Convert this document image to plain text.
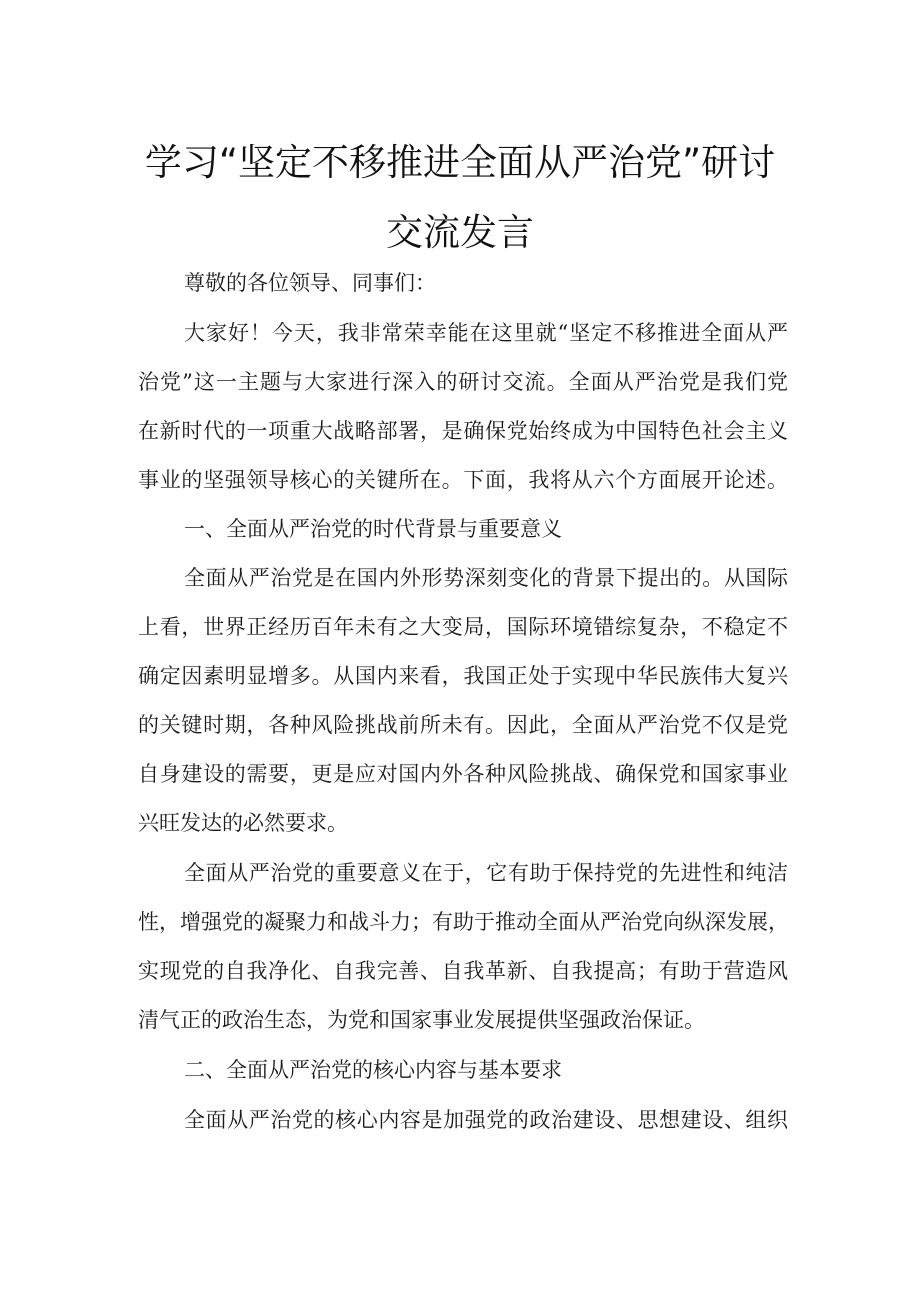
学习“坚定不移推进全面从严治党”研讨
交流发言
尊敬的各位领导、同事们：
大家好！今天，我非常荣幸能在这里就“坚定不移推进全面从严
治党”这一主题与大家进行深入的研讨交流。全面从严治党是我们党
在新时代的一项重大战略部署，是确保党始终成为中国特色社会主义
事业的坚强领导核心的关键所在。下面，我将从六个方面展开论述。
一、全面从严治党的时代背景与重要意义
全面从严治党是在国内外形势深刻变化的背景下提出的。从国际
上看，世界正经历百年未有之大变局，国际环境错综复杂，不稳定不
确定因素明显增多。从国内来看，我国正处于实现中华民族伟大复兴
的关键时期，各种风险挑战前所未有。因此，全面从严治党不仅是党
自身建设的需要，更是应对国内外各种风险挑战、确保党和国家事业
兴旺发达的必然要求。
全面从严治党的重要意义在于，它有助于保持党的先进性和纯洁
性，增强党的凝聚力和战斗力；有助于推动全面从严治党向纵深发展，
实现党的自我净化、自我完善、自我革新、自我提高；有助于营造风
清气正的政治生态，为党和国家事业发展提供坚强政治保证。
二、全面从严治党的核心内容与基本要求
全面从严治党的核心内容是加强党的政治建设、思想建设、组织
